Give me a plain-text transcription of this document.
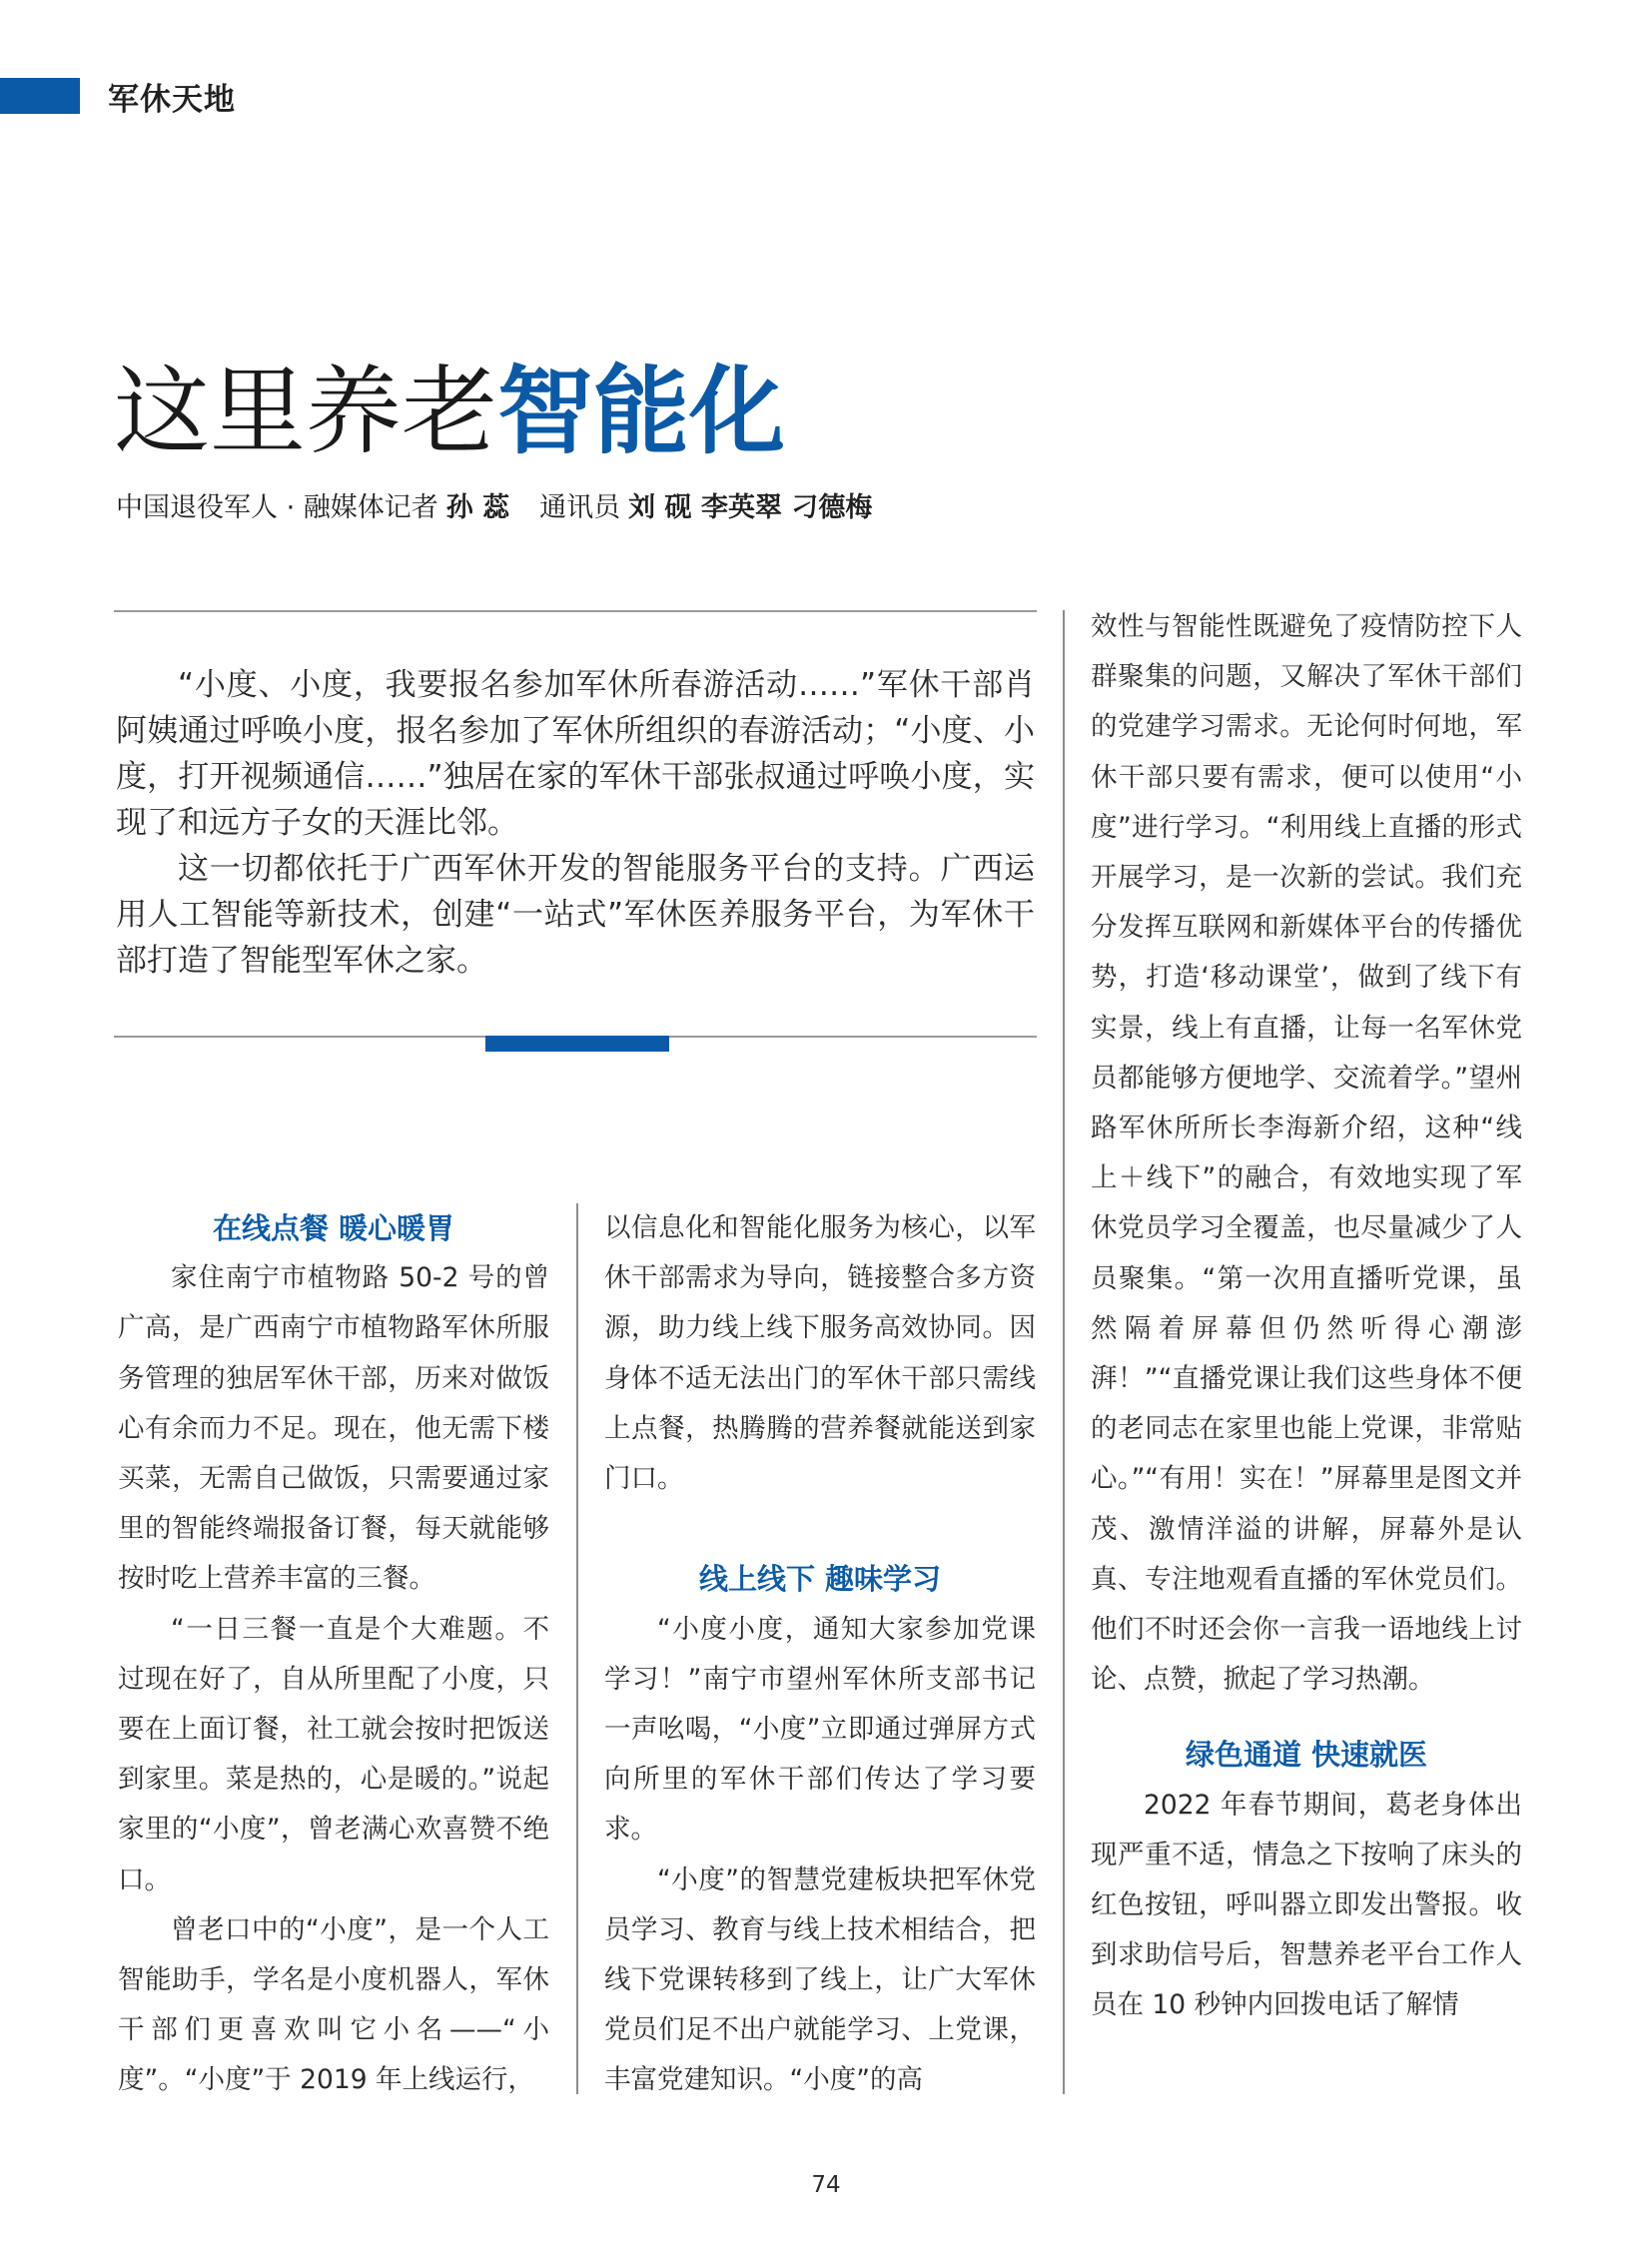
军休天地
这里养老智能化
中国退役军人 · 融媒体记者 孙 蕊 通讯员 刘 砚 李英翠 刁德梅

“小度、小度，我要报名参加军休所春游活动……”军休干部肖阿姨通过呼唤小度，报名参加了军休所组织的春游活动；“小度、小度，打开视频通信……”独居在家的军休干部张叔通过呼唤小度，实现了和远方子女的天涯比邻。

这一切都依托于广西军休开发的智能服务平台的支持。广西运用人工智能等新技术，创建“一站式”军休医养服务平台，为军休干部打造了智能型军休之家。

在线点餐 暖心暖胃

家住南宁市植物路 50-2 号的曾广高，是广西南宁市植物路军休所服务管理的独居军休干部，历来对做饭心有余而力不足。现在，他无需下楼买菜，无需自己做饭，只需要通过家里的智能终端报备订餐，每天就能够按时吃上营养丰富的三餐。

“一日三餐一直是个大难题。不过现在好了，自从所里配了小度，只要在上面订餐，社工就会按时把饭送到家里。菜是热的，心是暖的。”说起家里的“小度”，曾老满心欢喜赞不绝口。

曾老口中的“小度”，是一个人工智能助手，学名是小度机器人，军休干部们更喜欢叫它小名——“小度”。“小度”于 2019 年上线运行，

以信息化和智能化服务为核心，以军休干部需求为导向，链接整合多方资源，助力线上线下服务高效协同。因身体不适无法出门的军休干部只需线上点餐，热腾腾的营养餐就能送到家门口。

线上线下 趣味学习

“小度小度，通知大家参加党课学习！”南宁市望州军休所支部书记一声吆喝，“小度”立即通过弹屏方式向所里的军休干部们传达了学习要求。

“小度”的智慧党建板块把军休党员学习、教育与线上技术相结合，把线下党课转移到了线上，让广大军休党员们足不出户就能学习、上党课，丰富党建知识。“小度”的高

效性与智能性既避免了疫情防控下人群聚集的问题，又解决了军休干部们的党建学习需求。无论何时何地，军休干部只要有需求，便可以使用“小度”进行学习。“利用线上直播的形式开展学习，是一次新的尝试。我们充分发挥互联网和新媒体平台的传播优势，打造‘移动课堂’，做到了线下有实景，线上有直播，让每一名军休党员都能够方便地学、交流着学。”望州路军休所所长李海新介绍，这种“线上＋线下”的融合，有效地实现了军休党员学习全覆盖，也尽量减少了人员聚集。“第一次用直播听党课，虽然隔着屏幕但仍然听得心潮澎湃！”“直播党课让我们这些身体不便的老同志在家里也能上党课，非常贴心。”“有用！实在！”屏幕里是图文并茂、激情洋溢的讲解，屏幕外是认真、专注地观看直播的军休党员们。他们不时还会你一言我一语地线上讨论、点赞，掀起了学习热潮。

绿色通道 快速就医

2022 年春节期间，葛老身体出现严重不适，情急之下按响了床头的红色按钮，呼叫器立即发出警报。收到求助信号后，智慧养老平台工作人员在 10 秒钟内回拨电话了解情

74
